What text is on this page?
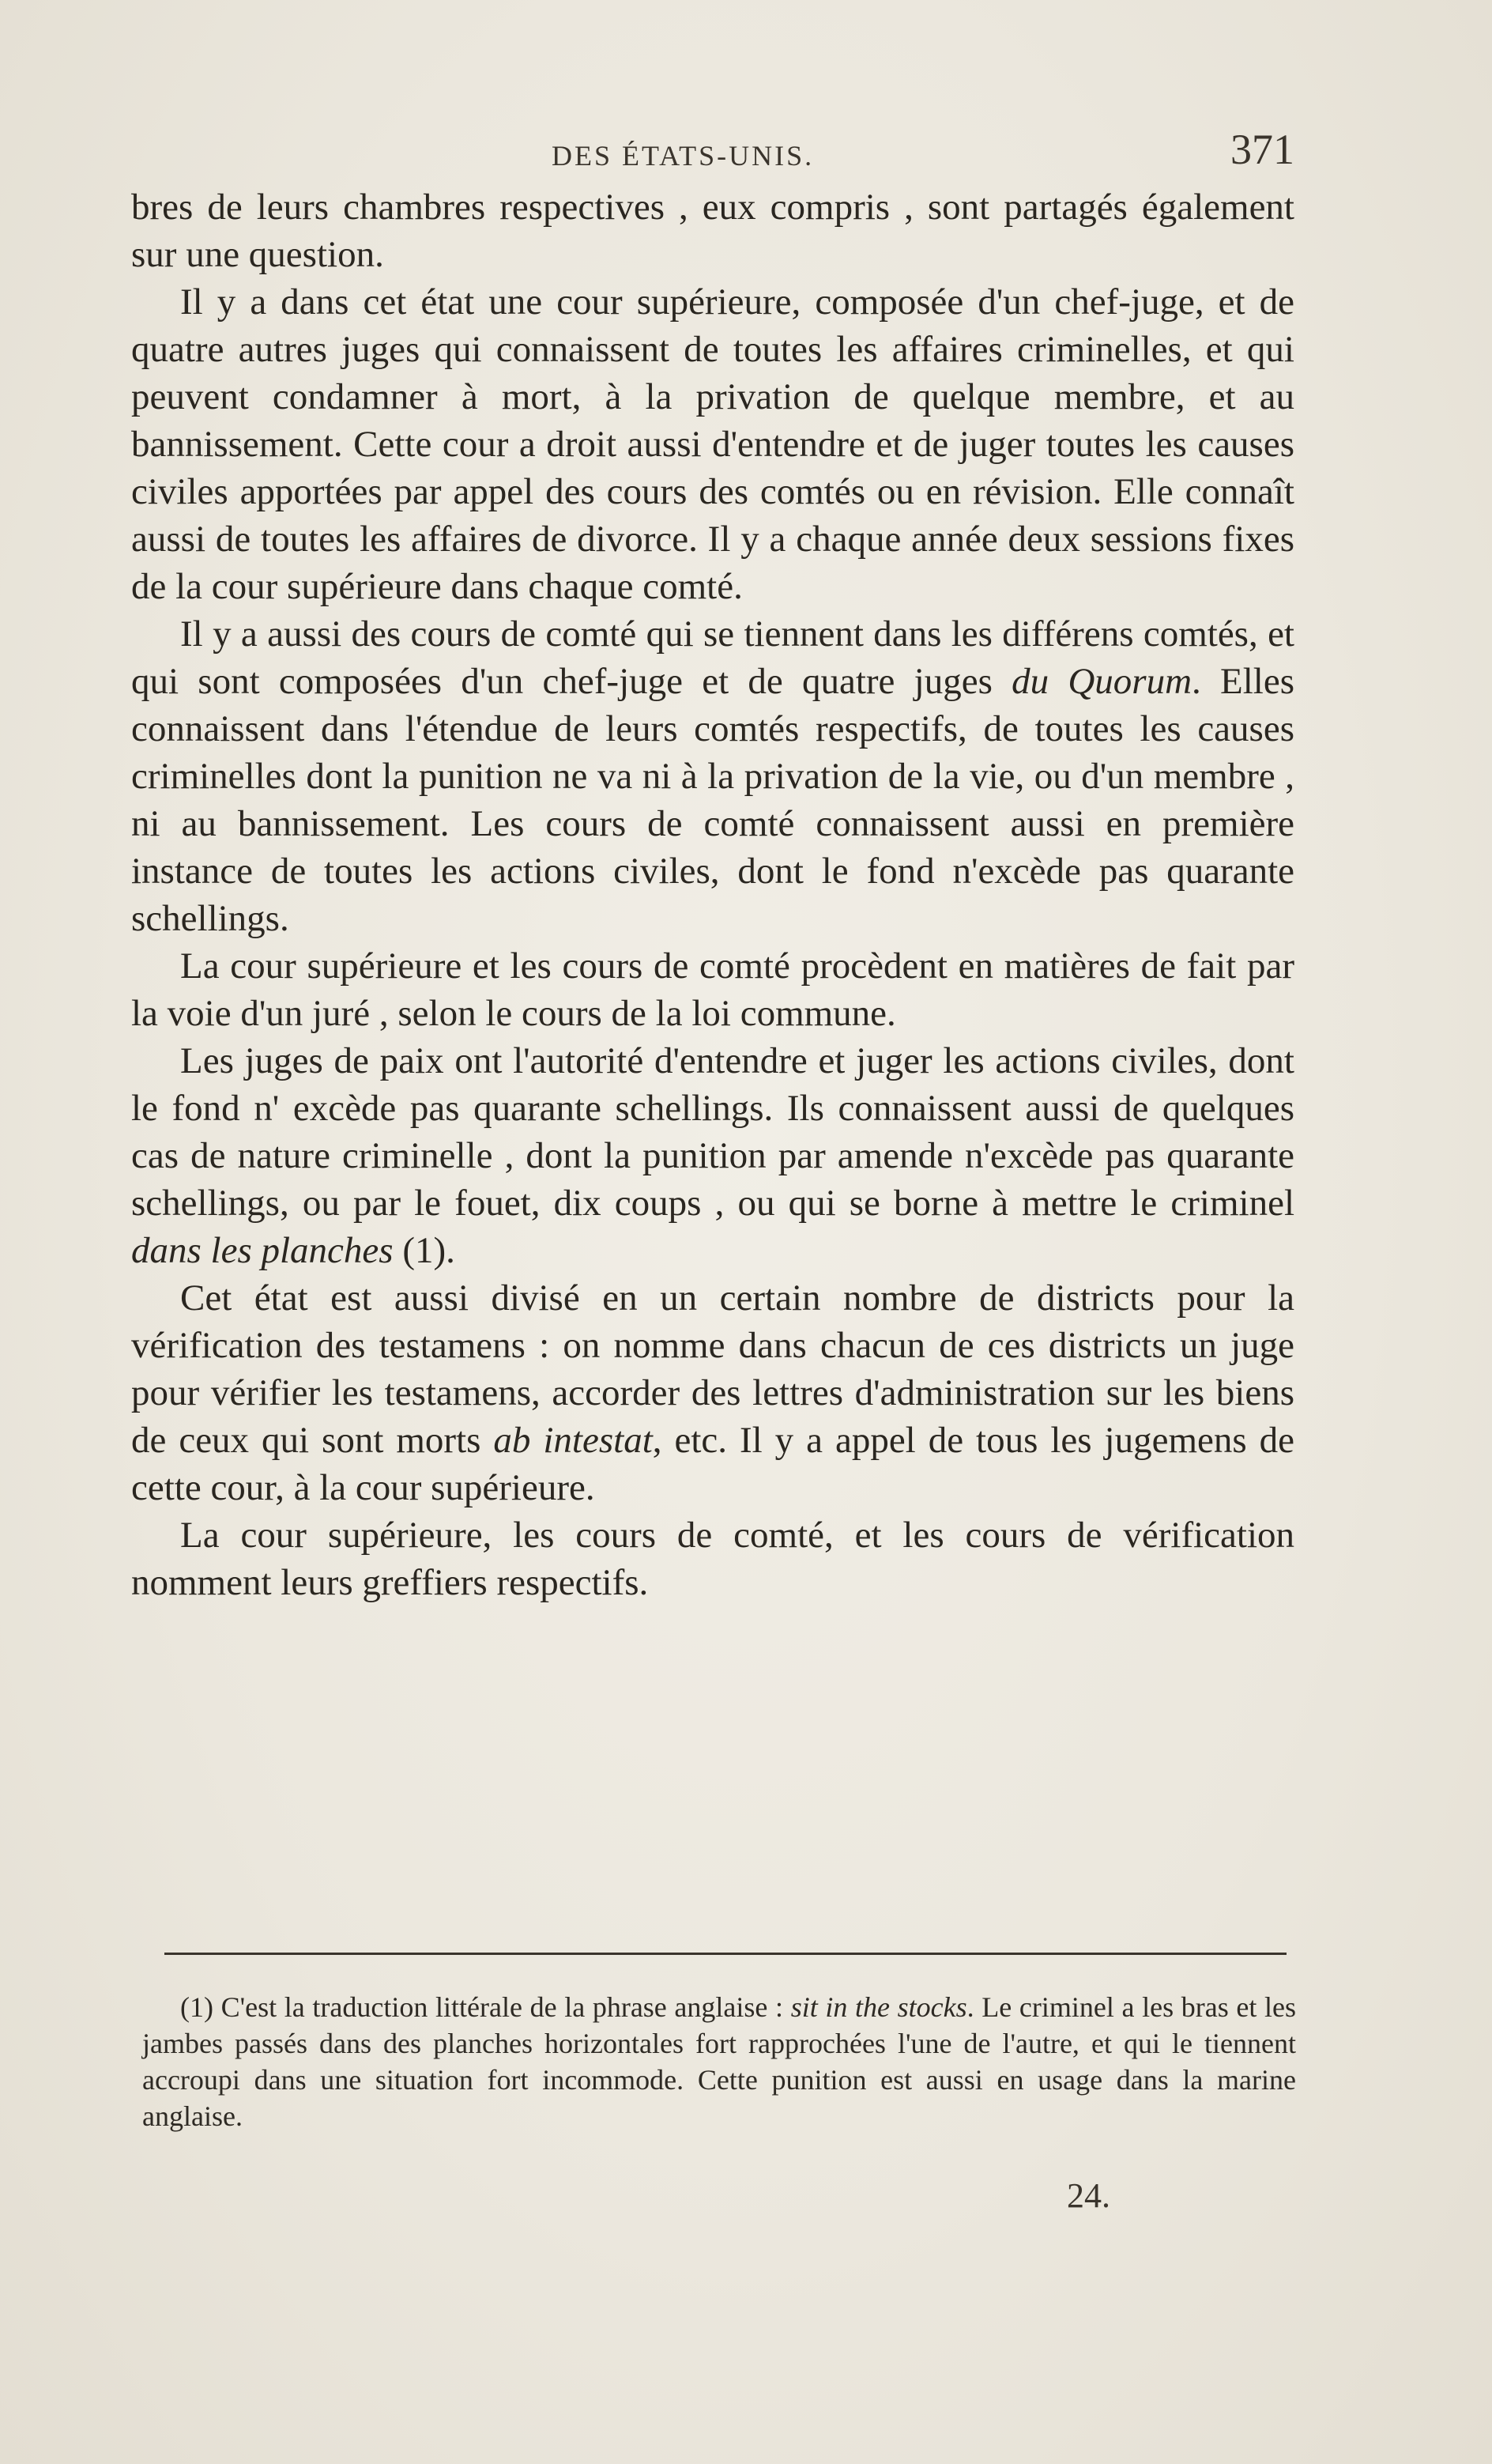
DES ÉTATS-UNIS.	371

bres de leurs chambres respectives , eux compris , sont partagés également sur une question.

Il y a dans cet état une cour supérieure, composée d'un chef-juge, et de quatre autres juges qui connaissent de toutes les affaires criminelles, et qui peuvent condamner à mort, à la privation de quelque membre, et au bannissement. Cette cour a droit aussi d'entendre et de juger toutes les causes civiles apportées par appel des cours des comtés ou en révision. Elle connaît aussi de toutes les affaires de divorce. Il y a chaque année deux sessions fixes de la cour supérieure dans chaque comté.

Il y a aussi des cours de comté qui se tiennent dans les différens comtés, et qui sont composées d'un chef-juge et de quatre juges du Quorum. Elles connaissent dans l'étendue de leurs comtés respectifs, de toutes les causes criminelles dont la punition ne va ni à la privation de la vie, ou d'un membre , ni au bannissement. Les cours de comté connaissent aussi en première instance de toutes les actions civiles, dont le fond n'excède pas quarante schellings.

La cour supérieure et les cours de comté procèdent en matières de fait par la voie d'un juré , selon le cours de la loi commune.

Les juges de paix ont l'autorité d'entendre et juger les actions civiles, dont le fond n' excède pas quarante schellings. Ils connaissent aussi de quelques cas de nature criminelle , dont la punition par amende n'excède pas quarante schellings, ou par le fouet, dix coups , ou qui se borne à mettre le criminel dans les planches (1).

Cet état est aussi divisé en un certain nombre de districts pour la vérification des testamens : on nomme dans chacun de ces districts un juge pour vérifier les testamens, accorder des lettres d'administration sur les biens de ceux qui sont morts ab intestat, etc. Il y a appel de tous les jugemens de cette cour, à la cour supérieure.

La cour supérieure, les cours de comté, et les cours de vérification nomment leurs greffiers respectifs.

(1) C'est la traduction littérale de la phrase anglaise : sit in the stocks. Le criminel a les bras et les jambes passés dans des planches horizontales fort rapprochées l'une de l'autre, et qui le tiennent accroupi dans une situation fort incommode. Cette punition est aussi en usage dans la marine anglaise.
24.
